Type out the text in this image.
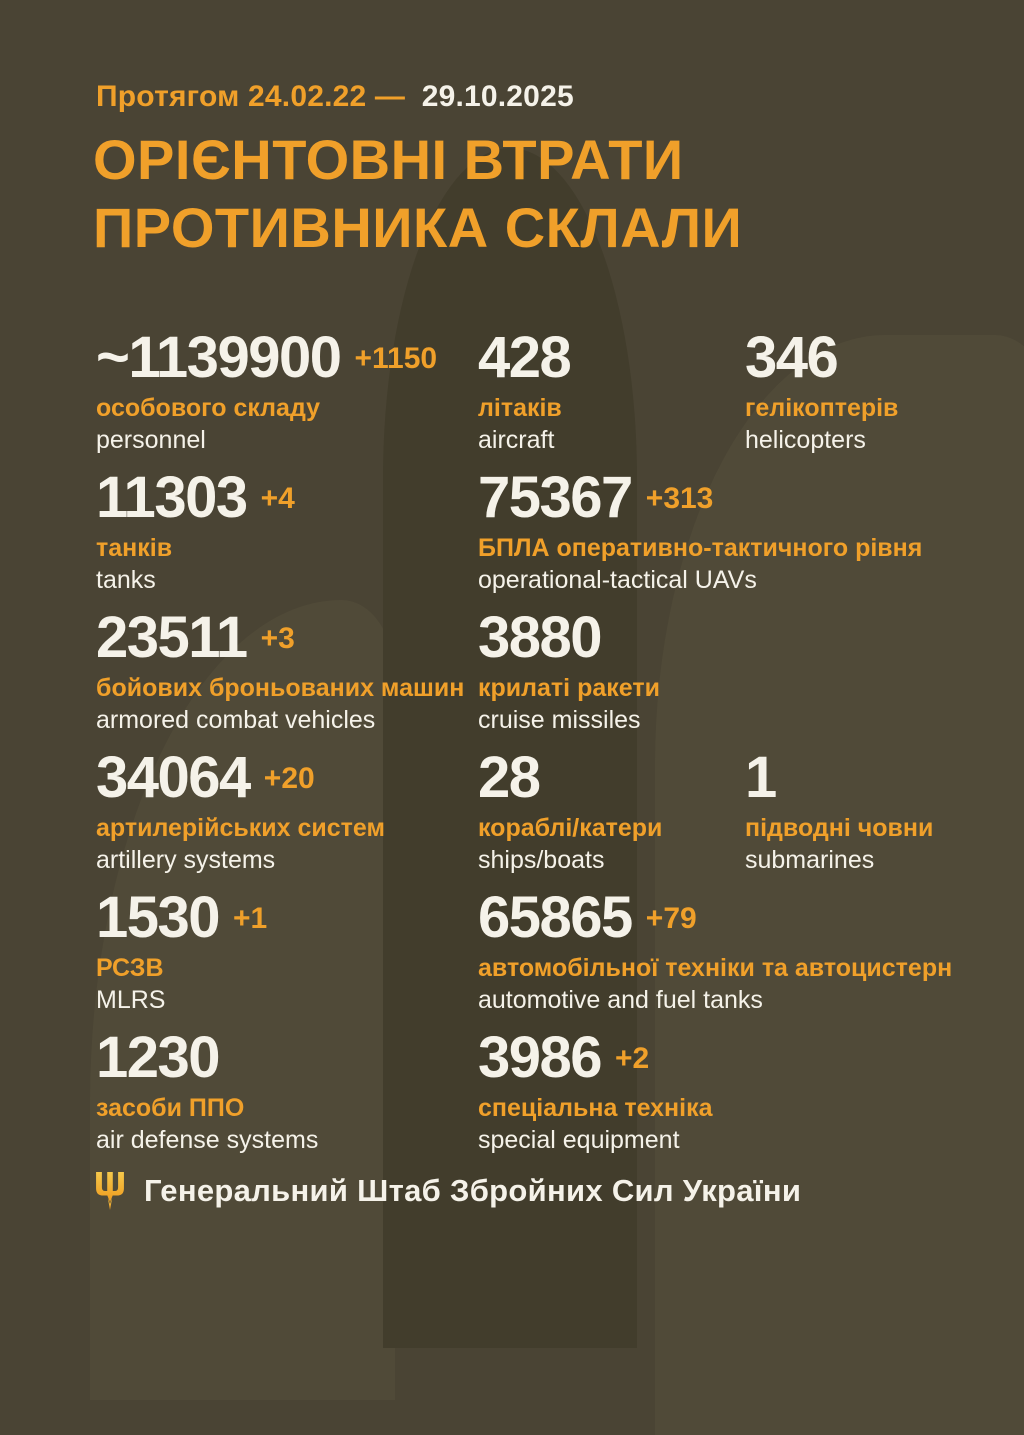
Протягом 24.02.22 — 29.10.2025
ОРІЄНТОВНІ ВТРАТИ
ПРОТИВНИКА СКЛАЛИ
~1139900 +1150
особового складу
personnel
428
літаків
aircraft
346
гелікоптерів
helicopters
11303 +4
танків
tanks
75367 +313
БПЛА оперативно-тактичного рівня
operational-tactical UAVs
23511 +3
бойових броньованих машин
armored combat vehicles
3880
крилаті ракети
cruise missiles
34064 +20
артилерійських систем
artillery systems
28
кораблі/катери
ships/boats
1
підводні човни
submarines
1530 +1
РСЗВ
MLRS
65865 +79
автомобільної техніки та автоцистерн
automotive and fuel tanks
1230
засоби ППО
air defense systems
3986 +2
спеціальна техніка
special equipment
Генеральний Штаб Збройних Сил України
